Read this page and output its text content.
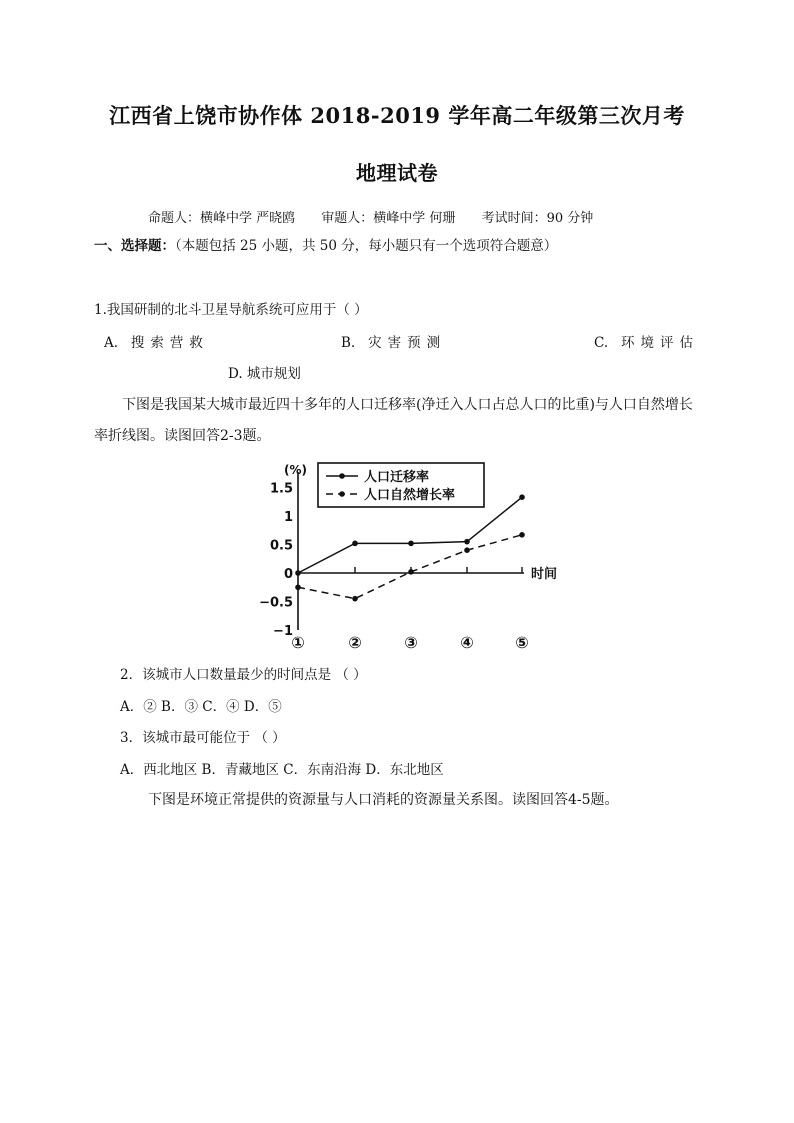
江西省上饶市协作体 2018-2019 学年高二年级第三次月考
地理试卷
命题人：横峰中学 严晓鸥 审题人：横峰中学 何珊 考试时间：90 分钟
一、选择题：（本题包括 25 小题，共 50 分，每小题只有一个选项符合题意）
1.我国研制的北斗卫星导航系统可应用于（ ）
A. 搜索营救	B. 灾害预测	C. 环境评估
D. 城市规划
下图是我国某大城市最近四十多年的人口迁移率(净迁入人口占总人口的比重)与人口自然增长
率折线图。读图回答2-3题。
1.5
1
0.5
0
−0.5
−1
(%)
时间
①	②	③	④	⑤
人口迁移率
人口自然增长率
2．该城市人口数量最少的时间点是 （ ）
A．② B．③ C．④ D．⑤
3．该城市最可能位于 （ ）
A．西北地区 B．青藏地区 C．东南沿海 D．东北地区
下图是环境正常提供的资源量与人口消耗的资源量关系图。读图回答4-5题。
